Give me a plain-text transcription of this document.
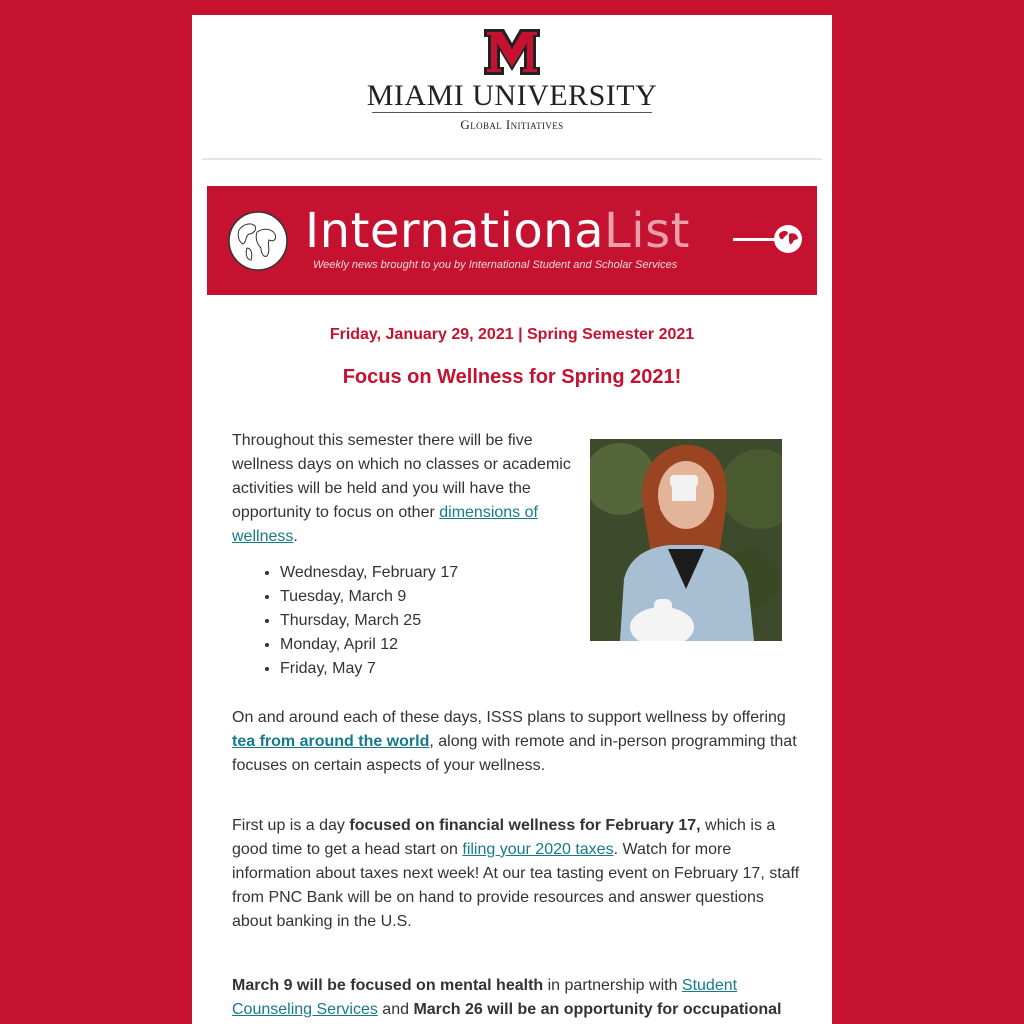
MIAMI UNIVERSITY
Global Initiatives
InternationaList
Weekly news brought to you by International Student and Scholar Services
Friday, January 29, 2021 | Spring Semester 2021
Focus on Wellness for Spring 2021!
Throughout this semester there will be five wellness days on which no classes or academic activities will be held and you will have the opportunity to focus on other dimensions of wellness.
• Wednesday, February 17
• Tuesday, March 9
• Thursday, March 25
• Monday, April 12
• Friday, May 7
On and around each of these days, ISSS plans to support wellness by offering tea from around the world, along with remote and in-person programming that focuses on certain aspects of your wellness.
First up is a day focused on financial wellness for February 17, which is a good time to get a head start on filing your 2020 taxes. Watch for more information about taxes next week! At our tea tasting event on February 17, staff from PNC Bank will be on hand to provide resources and answer questions about banking in the U.S.
March 9 will be focused on mental health in partnership with Student Counseling Services and March 26 will be an opportunity for occupational
